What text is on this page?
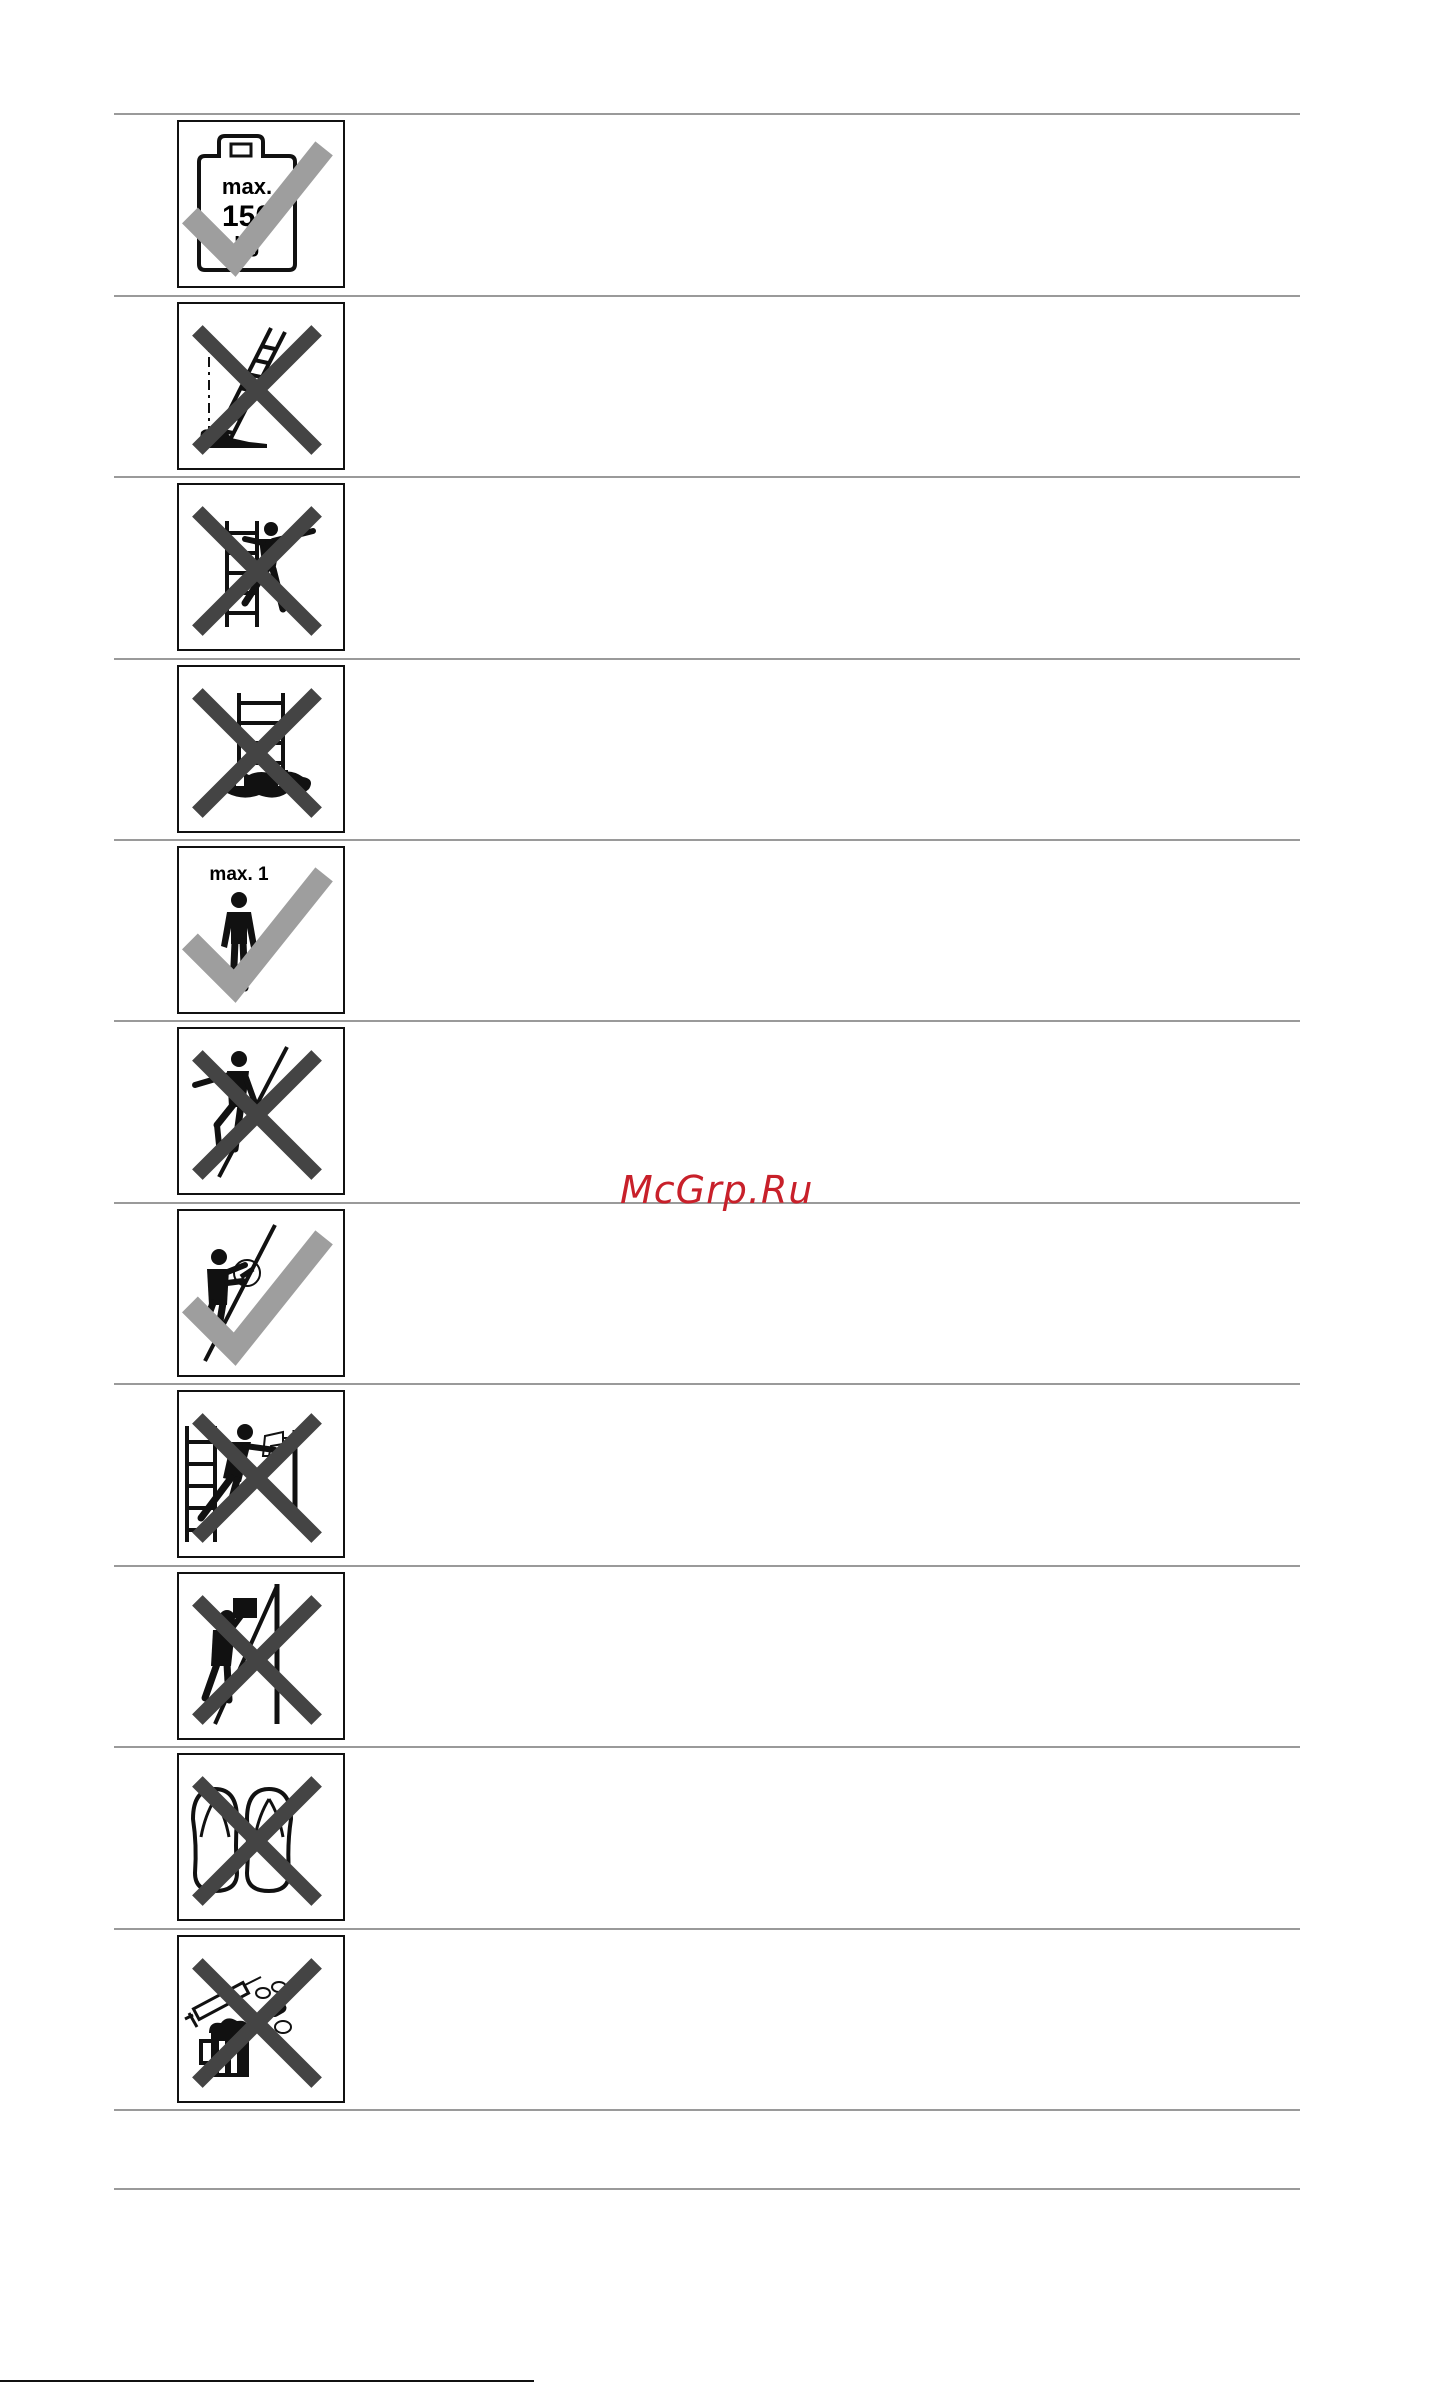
max.
150
kg
max. 1
McGrp.Ru
